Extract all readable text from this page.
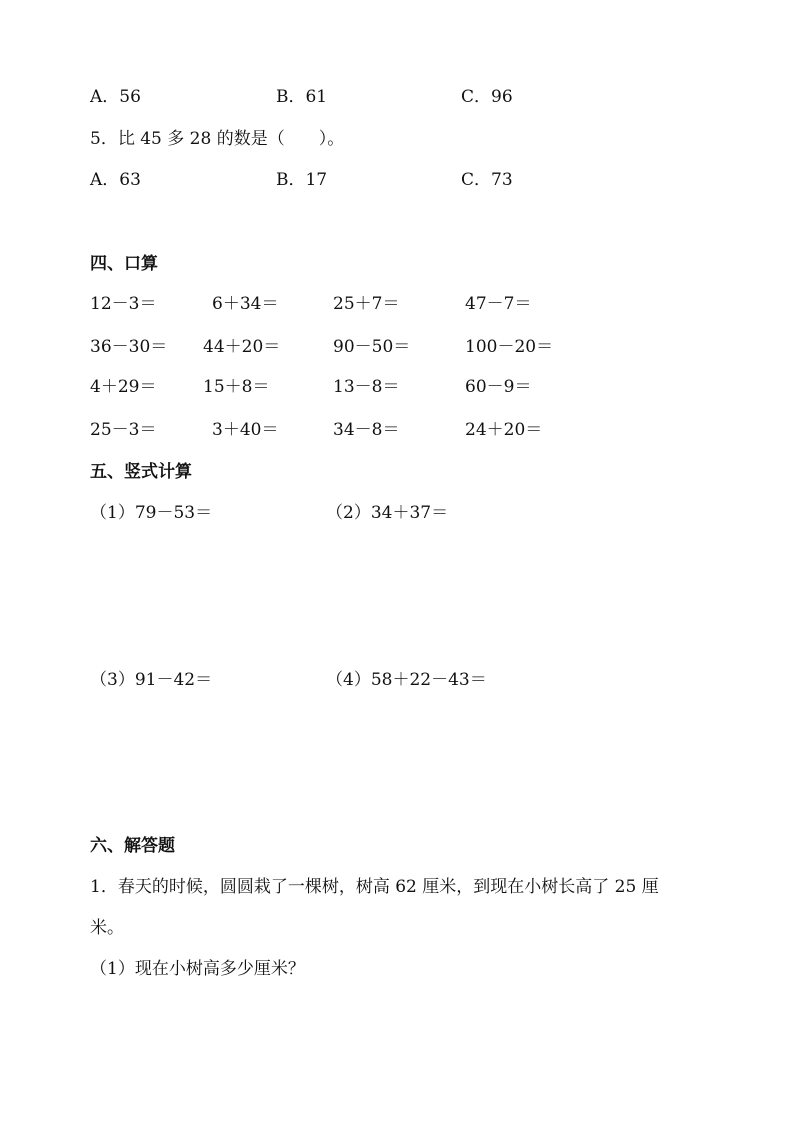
A．56	B．61	C．96
5．比 45 多 28 的数是（　　）。
A．63	B．17	C．73
四、口算
12－3＝	6＋34＝	25＋7＝	47－7＝
36－30＝ 44＋20＝	90－50＝	100－20＝
4＋29＝	15＋8＝	13－8＝	60－9＝
25－3＝	3＋40＝	34－8＝	24＋20＝
五、竖式计算
（1）79－53＝	（2）34＋37＝
（3）91－42＝	（4）58＋22－43＝
六、解答题
1．春天的时候，圆圆栽了一棵树，树高 62 厘米，到现在小树长高了 25 厘
米。
（1）现在小树高多少厘米？
